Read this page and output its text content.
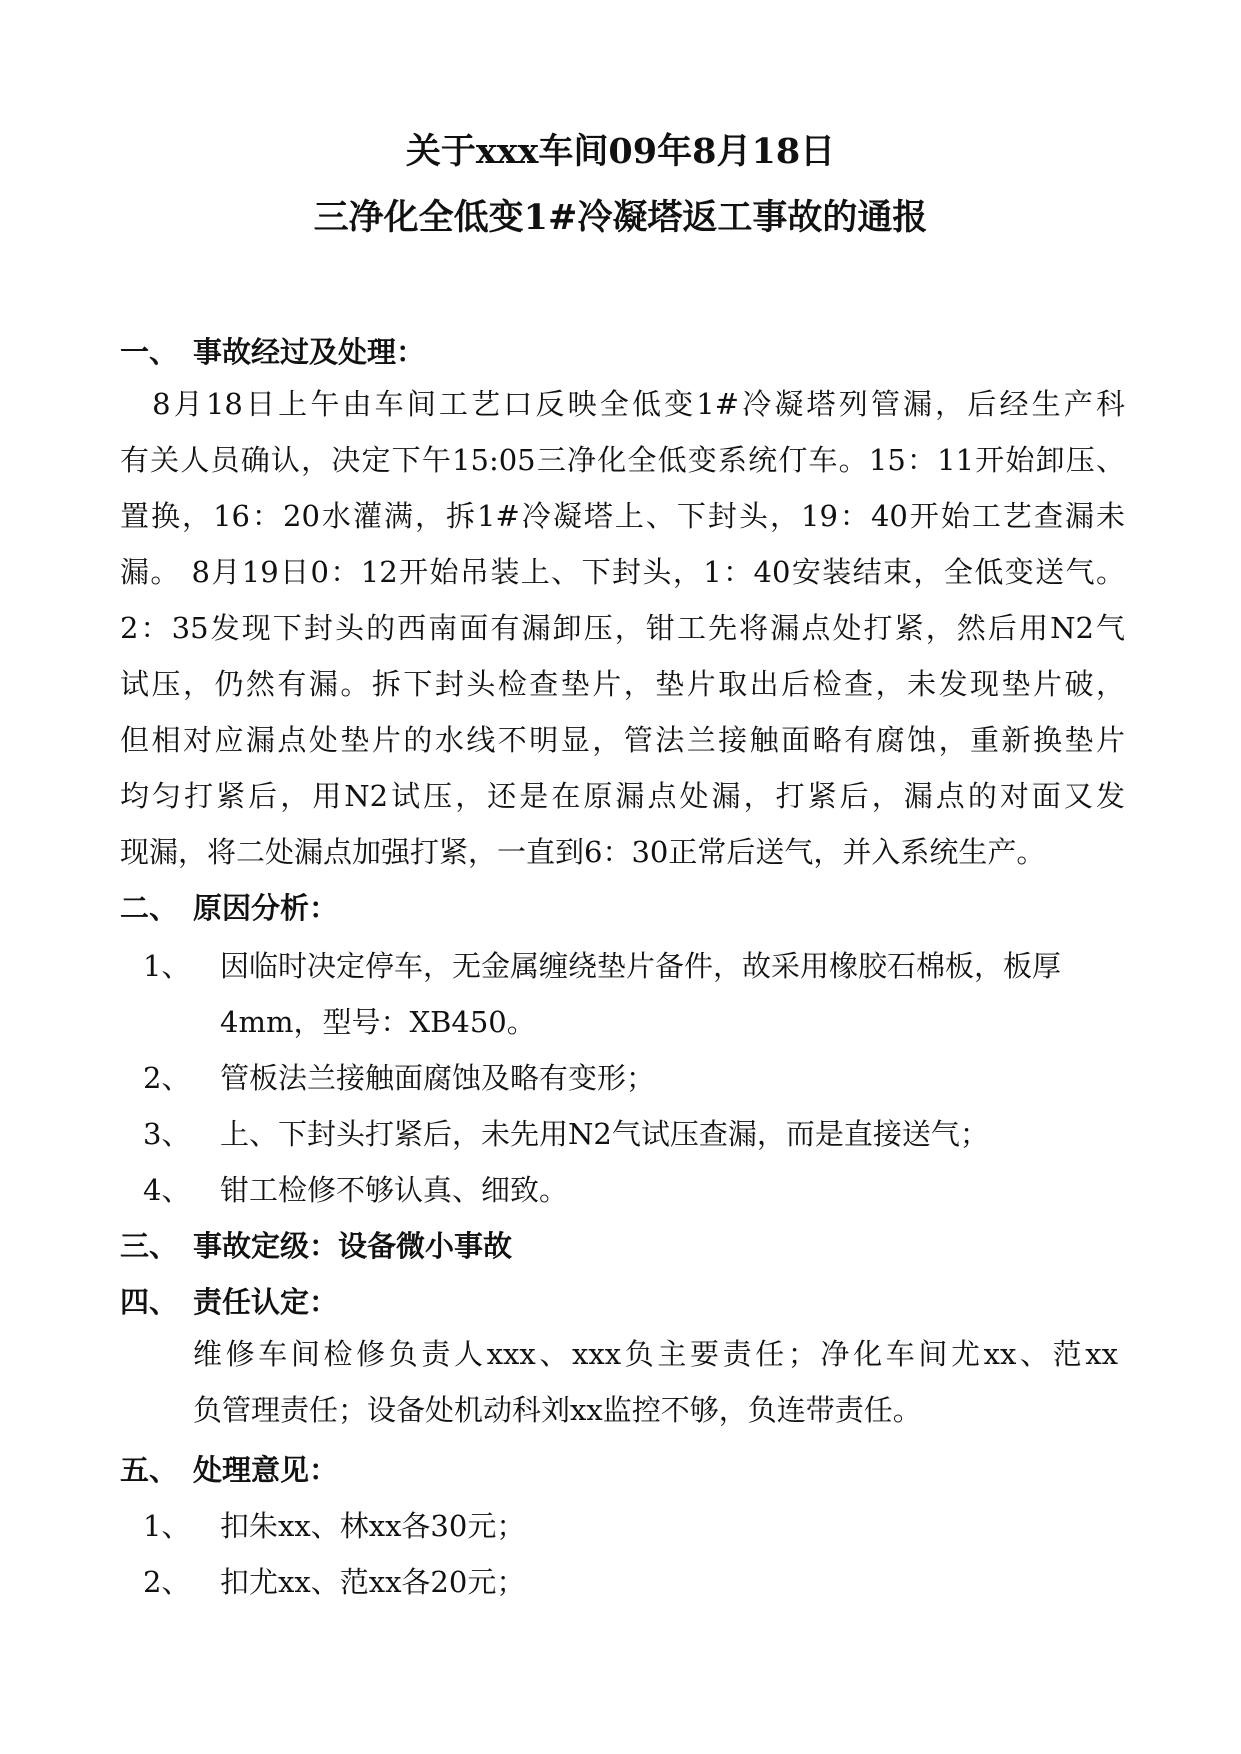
关于xxx车间09年8月18日
三净化全低变1#冷凝塔返工事故的通报
一、 事故经过及处理：
　8月18日上午由车间工艺口反映全低变1#冷凝塔列管漏，后经生产科
有关人员确认，决定下午15:05三净化全低变系统仃车。15：11开始卸压、
置换，16：20水灌满，拆1#冷凝塔上、下封头，19：40开始工艺查漏未
漏。 8月19日0：12开始吊装上、下封头，1：40安装结束，全低变送气。
2：35发现下封头的西南面有漏卸压，钳工先将漏点处打紧，然后用N2气
试压，仍然有漏。拆下封头检查垫片，垫片取出后检查，未发现垫片破，
但相对应漏点处垫片的水线不明显，管法兰接触面略有腐蚀，重新换垫片
均匀打紧后，用N2试压，还是在原漏点处漏，打紧后，漏点的对面又发
现漏，将二处漏点加强打紧，一直到6：30正常后送气，并入系统生产。
二、 原因分析：
1、 因临时决定停车，无金属缠绕垫片备件，故采用橡胶石棉板，板厚
4mm，型号：XB450。
2、 管板法兰接触面腐蚀及略有变形；
3、 上、下封头打紧后，未先用N2气试压查漏，而是直接送气；
4、 钳工检修不够认真、细致。
三、 事故定级：设备微小事故
四、 责任认定：
维修车间检修负责人xxx、xxx负主要责任；净化车间尤xx、范xx
负管理责任；设备处机动科刘xx监控不够，负连带责任。
五、 处理意见：
1、 扣朱xx、林xx各30元；
2、 扣尤xx、范xx各20元；
